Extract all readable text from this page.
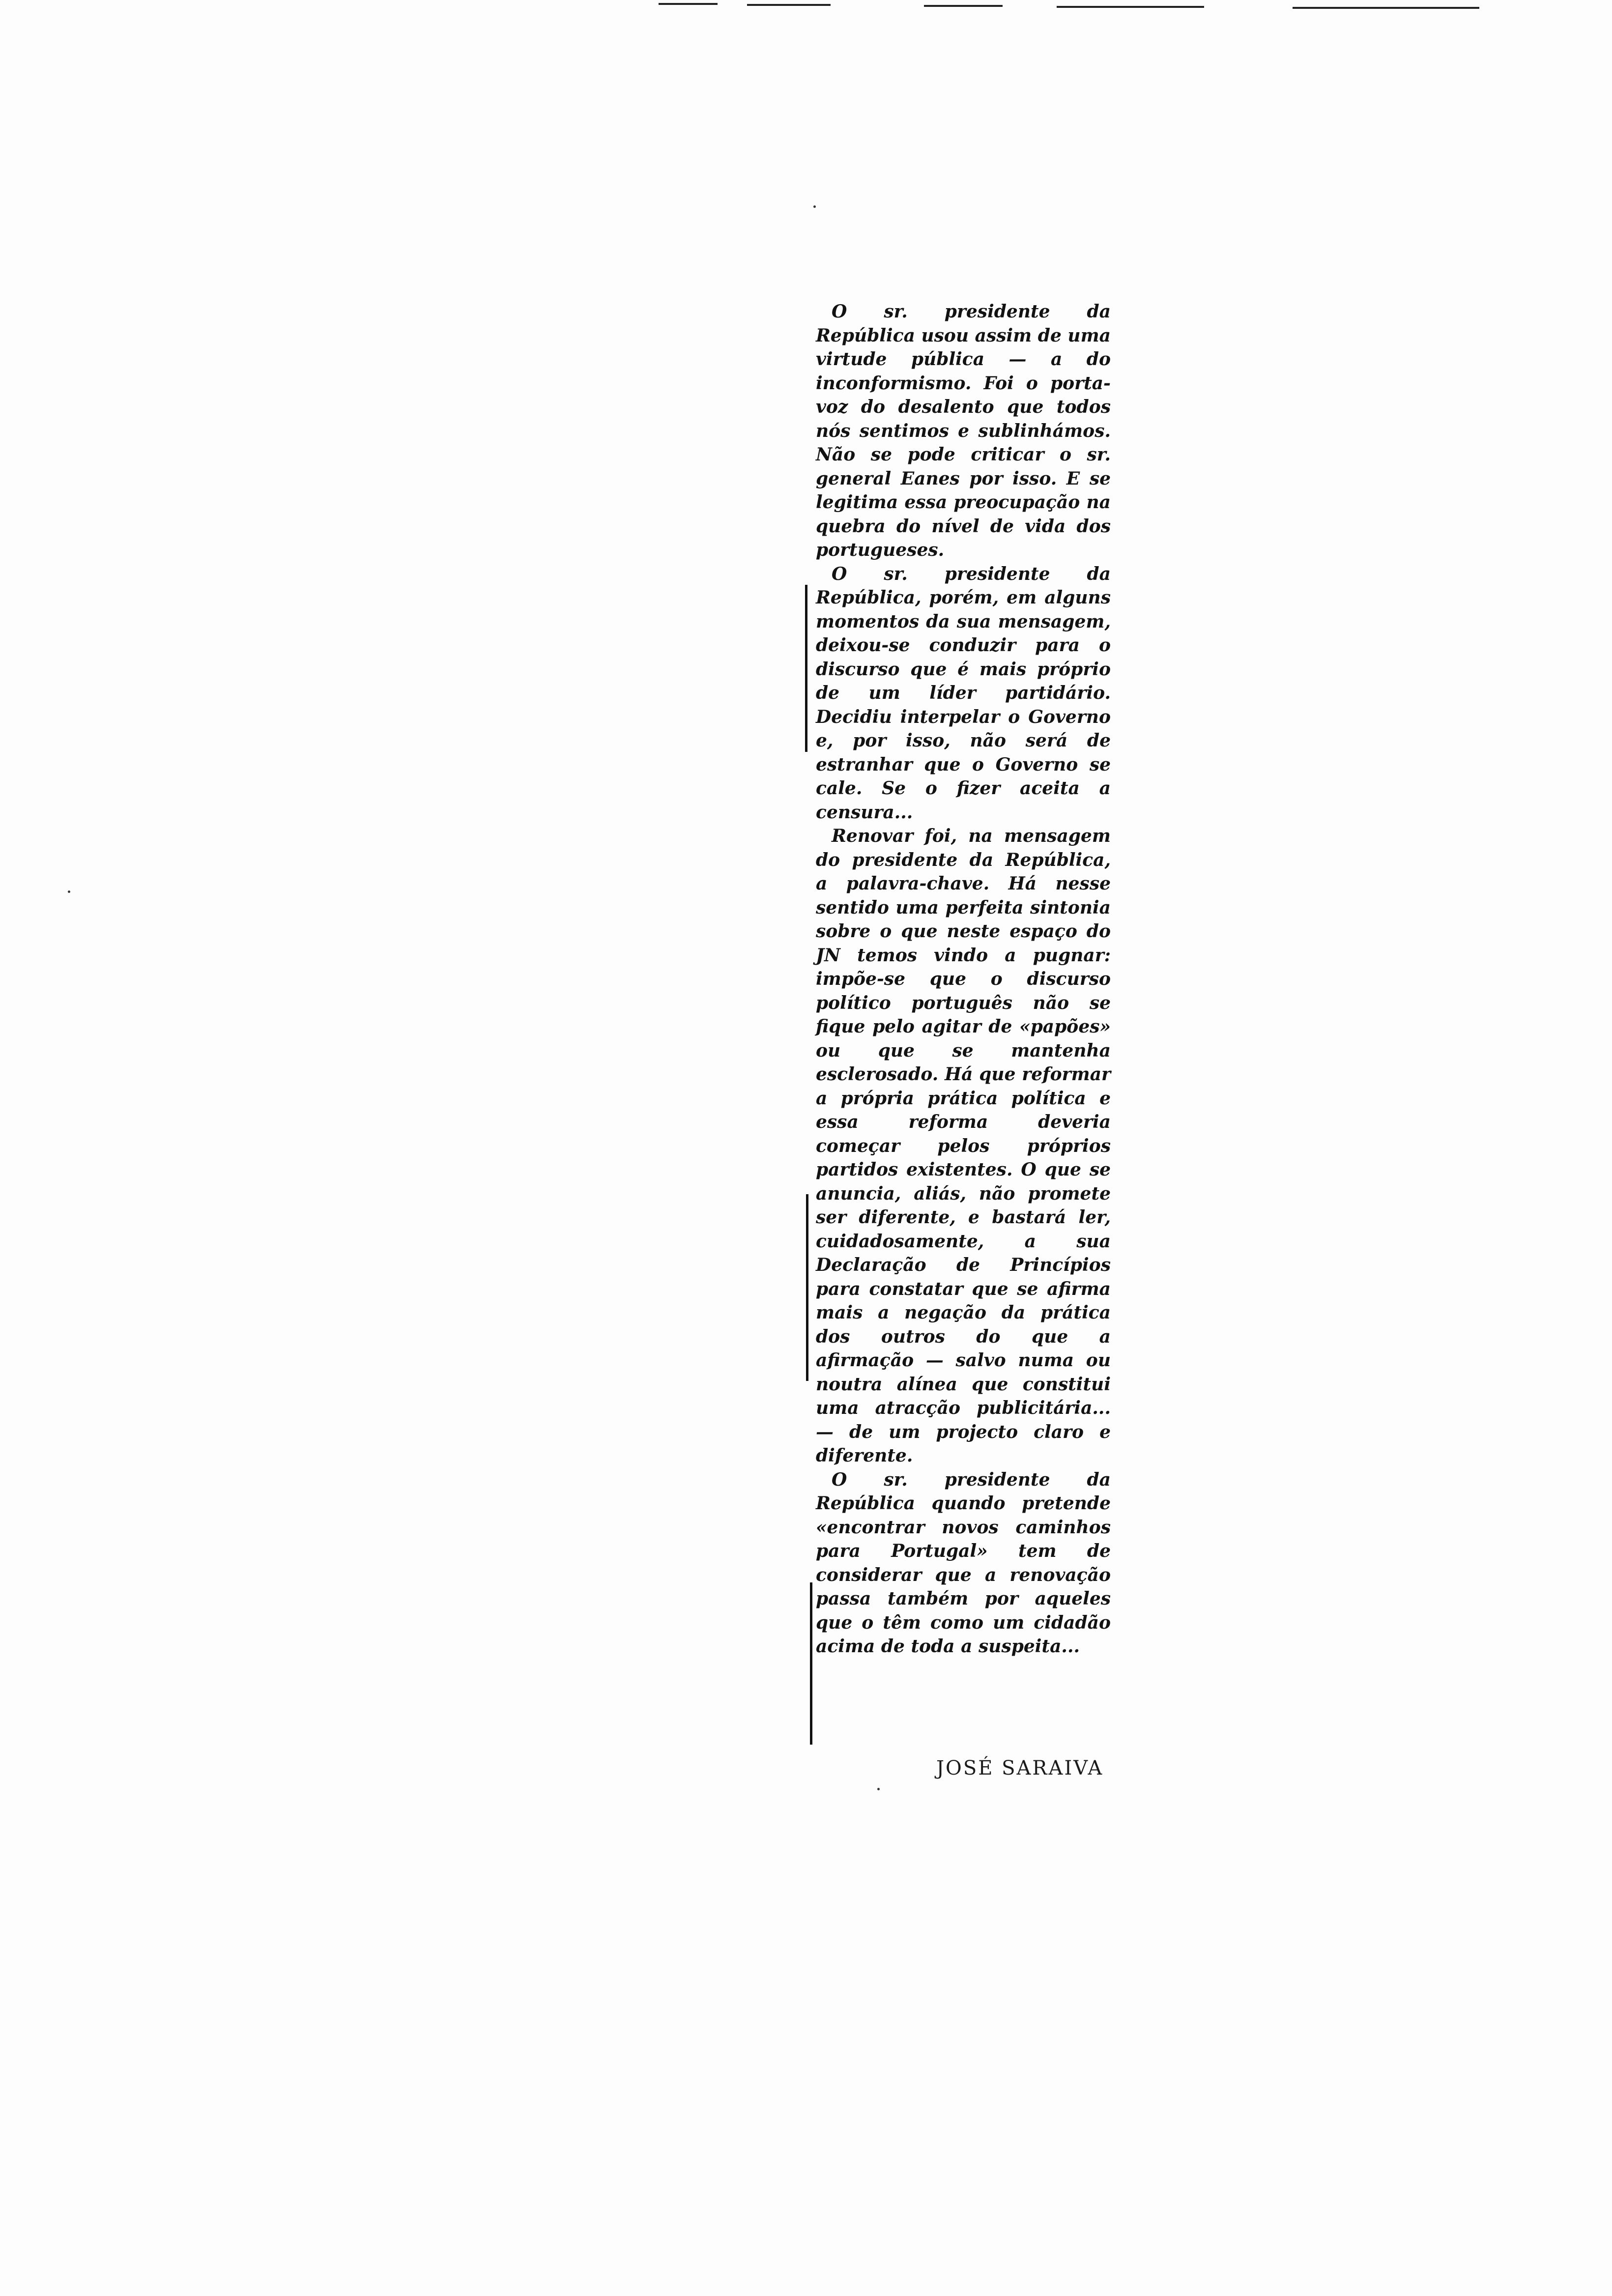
O sr. presidente da República usou assim de uma virtude pública — a do inconformismo. Foi o porta-voz do desalento que todos nós sentimos e sublinhámos. Não se pode criticar o sr. general Eanes por isso. E se legitima essa preocupação na quebra do nível de vida dos portugueses.

O sr. presidente da República, porém, em alguns momentos da sua mensagem, deixou-se conduzir para o discurso que é mais próprio de um líder partidário. Decidiu interpelar o Governo e, por isso, não será de estranhar que o Governo se cale. Se o fizer aceita a censura...

Renovar foi, na mensagem do presidente da República, a palavra-chave. Há nesse sentido uma perfeita sintonia sobre o que neste espaço do JN temos vindo a pugnar: impõe-se que o discurso político português não se fique pelo agitar de «papões» ou que se mantenha esclerosado. Há que reformar a própria prática política e essa reforma deveria começar pelos próprios partidos existentes. O que se anuncia, aliás, não promete ser diferente, e bastará ler, cuidadosamente, a sua Declaração de Princípios para constatar que se afirma mais a negação da prática dos outros do que a afirmação — salvo numa ou noutra alínea que constitui uma atracção publicitária... — de um projecto claro e diferente.

O sr. presidente da República quando pretende «encontrar novos caminhos para Portugal» tem de considerar que a renovação passa também por aqueles que o têm como um cidadão acima de toda a suspeita...

JOSÉ SARAIVA
